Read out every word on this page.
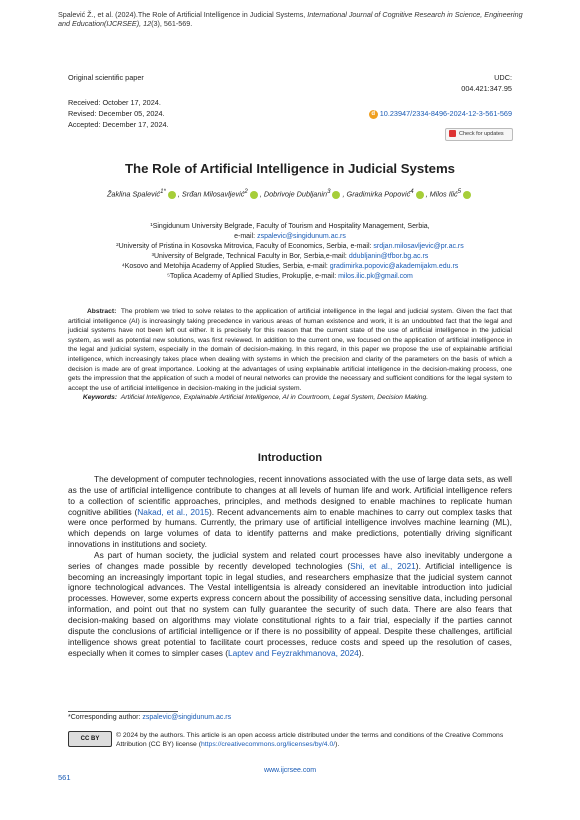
Spalević Ž., et al. (2024).The Role of Artificial Intelligence in Judicial Systems, International Journal of Cognitive Research in Science, Engineering and Education(IJCRSEE), 12(3), 561-569.
Original scientific paper
Received: October 17, 2024.
Revised: December 05, 2024.
Accepted: December 17, 2024.
UDC:
004.421:347.95
d 10.23947/2334-8496-2024-12-3-561-569
Check for updates
The Role of Artificial Intelligence in Judicial Systems
Žaklina Spalević$^{1*}$ , Srđan Milosavljević$^2$ , Dobrivoje Dubljanin$^3$ , Gradimirka Popović$^4$ , Milos Ilić$^5$
¹Singidunum University Belgrade, Faculty of Tourism and Hospitality Management, Serbia,
e-mail: zspalevic@singidunum.ac.rs
²University of Pristina in Kosovska Mitrovica, Faculty of Economics, Serbia, e-mail: srdjan.milosavljevic@pr.ac.rs
³University of Belgrade, Technical Faculty in Bor, Serbia,e-mail: ddubljanin@tfbor.bg.ac.rs
⁴Kosovo and Metohija Academy of Applied Studies, Serbia, e-mail: gradimirka.popovic@akademijakm.edu.rs
⁵Toplica Academy of Apllied Studies, Prokuplje, e-mail: milos.ilic.pk@gmail.com
Abstract: The problem we tried to solve relates to the application of artificial intelligence in the legal and judicial system. Given the fact that artificial intelligence (AI) is increasingly taking precedence in various areas of human existence and work, it is an undoubted fact that the legal and judicial systems have not been left out either. It is precisely for this reason that the current state of the use of artificial intelligence in the judicial system, as well as potential new solutions, was first reviewed. In addition to the current one, we focused on the application of artificial intelligence in the legal and judicial system, especially in the domain of decision-making. In this regard, in this paper we propose the use of explainable artificial intelligence, which increasingly takes place when dealing with systems in which the precision and clarity of the parameters on the basis of which a decision is made are of great importance. Looking at the advantages of using explainable artificial intelligence in the decision-making process, one gets the impression that the application of such a model of neural networks can provide the necessary and sufficient conditions for the legal system to accept the use of artificial intelligence in decision-making in the judicial system.
Keywords: Artificial Intelligence, Explainable Artificial Intelligence, AI in Courtroom, Legal System, Decision Making.
Introduction

The development of computer technologies, recent innovations associated with the use of large data sets, as well as the use of artificial intelligence contribute to changes at all levels of human life and work. Artificial intelligence refers to a collection of scientific approaches, principles, and methods designed to enable machines to replicate human cognitive abilities (Nakad, et al., 2015). Recent advancements aim to enable machines to carry out complex tasks that were once performed by humans. Currently, the primary use of artificial intelligence involves machine learning (ML), which depends on large volumes of data to identify patterns and make predictions, potentially driving significant innovations in institutions and society.

As part of human society, the judicial system and related court processes have also inevitably undergone a series of changes made possible by recently developed technologies (Shi, et al., 2021). Artificial intelligence is becoming an increasingly important topic in legal studies, and researchers emphasize that the judicial system cannot ignore technological advances. The Vestal intelligentsia is already considered an inevitable introduction into judicial processes. However, some experts express concern about the possibility of accessing sensitive data, including personal information, and point out that no system can fully guarantee the security of such data. There are also fears that decision-making based on algorithms may violate constitutional rights to a fair trial, especially if the parties cannot dispute the conclusions of artificial intelligence or if there is no possibility of appeal. Despite these challenges, artificial intelligence shows great potential to facilitate court processes, reduce costs and speed up the resolution of cases, especially when it comes to simpler cases (Laptev and Feyzrakhmanova, 2024).

*Corresponding author: zspalevic@singidunum.ac.rs
CC BY	© 2024 by the authors. This article is an open access article distributed under the terms and conditions of the Creative Commons Attribution (CC BY) license (https://creativecommons.org/licenses/by/4.0/).
www.ijcrsee.com
561
